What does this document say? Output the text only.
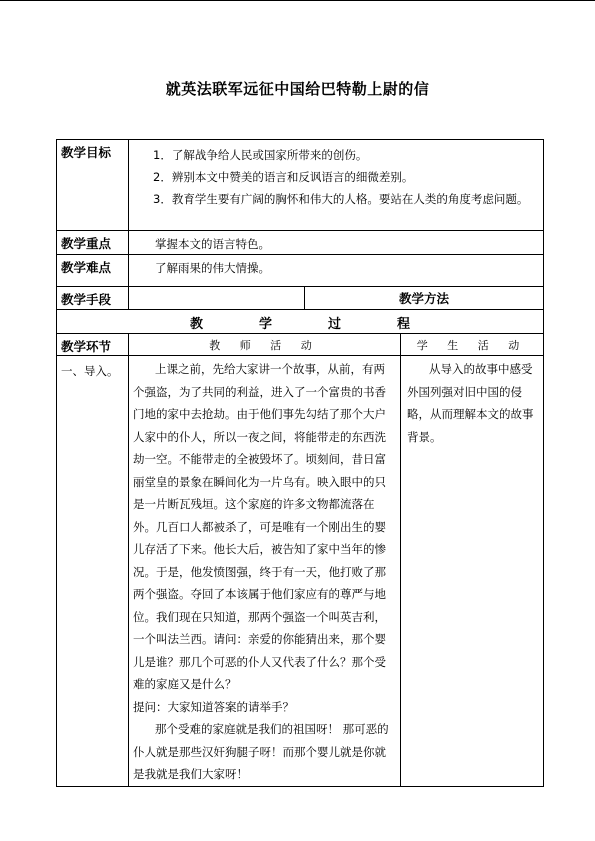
就英法联军远征中国给巴特勒上尉的信
教学目标	1．了解战争给人民或国家所带来的创伤。
2．辨别本文中赞美的语言和反讽语言的细微差别。
3．教育学生要有广阔的胸怀和伟大的人格。要站在人类的角度考虑问题。		

教学重点	掌握本文的语言特色。		
教学难点	了解雨果的伟大情操。		
教学手段		教学方法	
教 学 过 程			
教学环节	教 师 活 动		学 生 活 动
一、导入。	上课之前，先给大家讲一个故事，从前，有两个强盗，为了共同的利益，进入了一个富贵的书香门地的家中去抢劫。由于他们事先勾结了那个大户人家中的仆人，所以一夜之间，将能带走的东西洗劫一空。不能带走的全被毁坏了。顷刻间，昔日富丽堂皇的景象在瞬间化为一片乌有。映入眼中的只是一片断瓦残垣。这个家庭的许多文物都流落在外。几百口人都被杀了，可是唯有一个刚出生的婴儿存活了下来。他长大后，被告知了家中当年的惨况。于是，他发愤图强，终于有一天，他打败了那两个强盗。夺回了本该属于他们家应有的尊严与地位。我们现在只知道，那两个强盗一个叫英吉利，一个叫法兰西。请问：亲爱的你能猜出来，那个婴儿是谁？那几个可恶的仆人又代表了什么？那个受难的家庭又是什么？

提问：大家知道答案的请举手？

那个受难的家庭就是我们的祖国呀！ 那可恶的仆人就是那些汉奸狗腿子呀！而那个婴儿就是你就是我就是我们大家呀！		从导入的故事中感受外国列强对旧中国的侵略，从而理解本文的故事背景。
